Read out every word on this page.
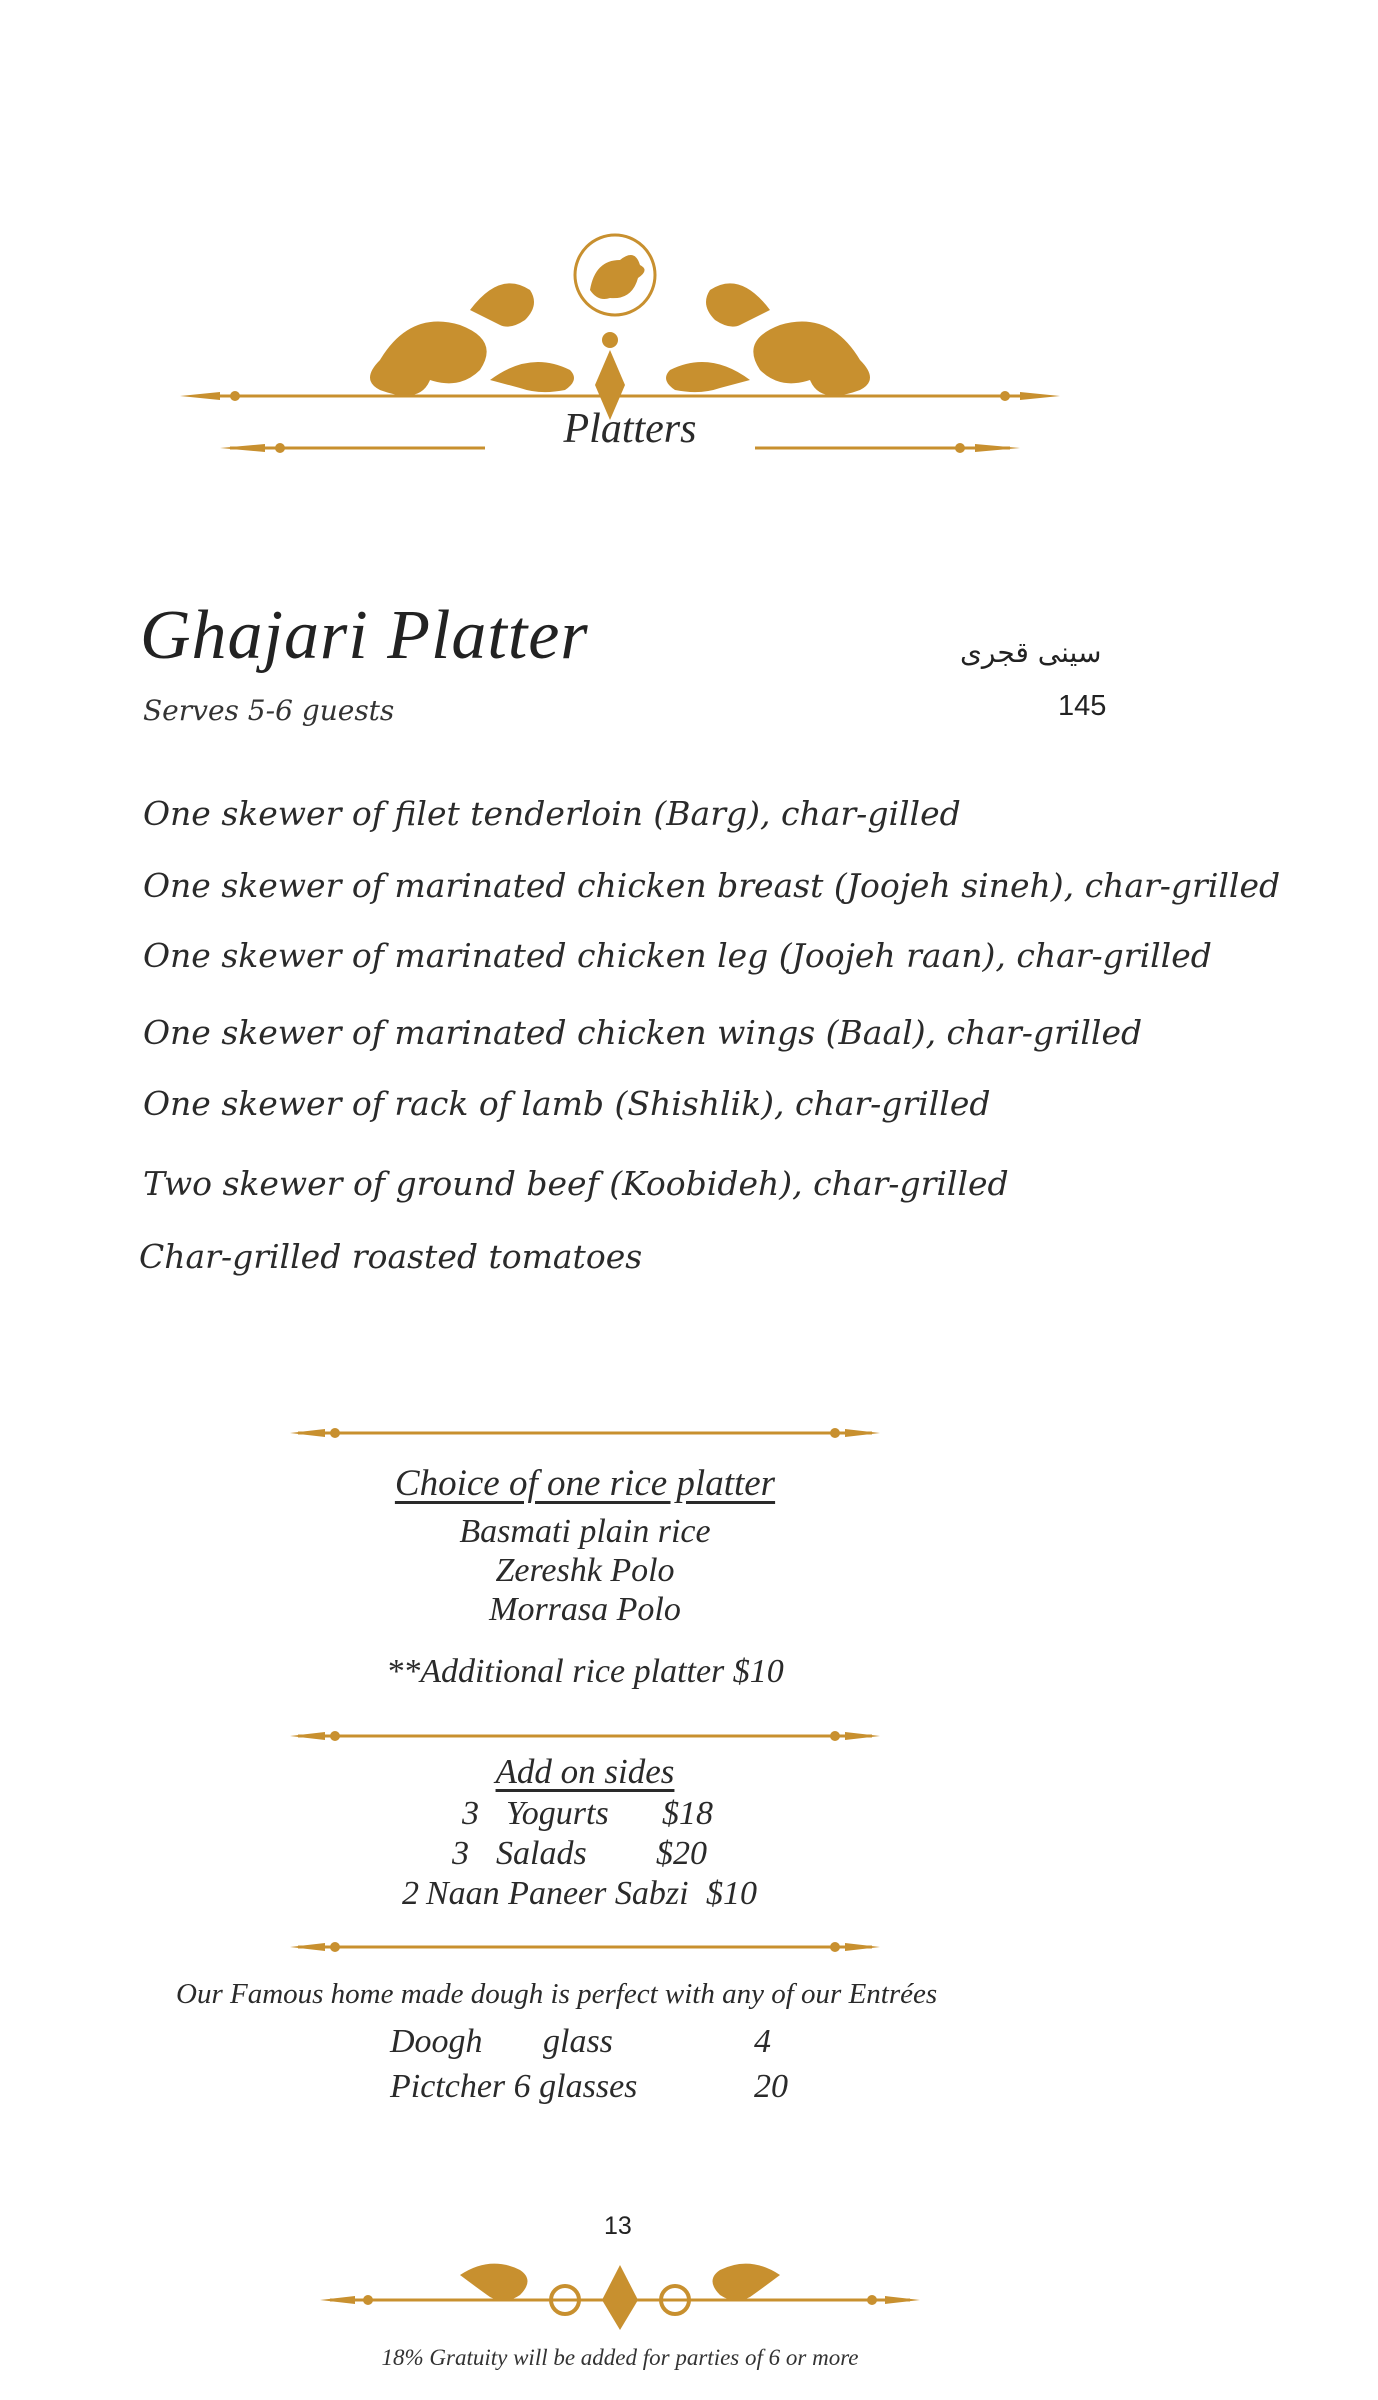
Platters
Ghajari Platter	سینی قجری
Serves 5-6 guests	145
One skewer of filet tenderloin (Barg), char-gilled
One skewer of marinated chicken breast (Joojeh sineh), char-grilled
One skewer of marinated chicken leg (Joojeh raan), char-grilled
One skewer of marinated chicken wings (Baal), char-grilled
One skewer of rack of lamb (Shishlik), char-grilled
Two skewer of ground beef (Koobideh), char-grilled
Char-grilled roasted tomatoes
Choice of one rice platter
Basmati plain rice
Zereshk Polo
Morrasa Polo
**Additional rice platter $10
Add on sides
3 Yogurts $18
3 Salads $20
2 Naan Paneer Sabzi $10
Our Famous home made dough is perfect with any of our Entrées
Doogh glass	4
Pictcher 6 glasses	20
13
18% Gratuity will be added for parties of 6 or more
